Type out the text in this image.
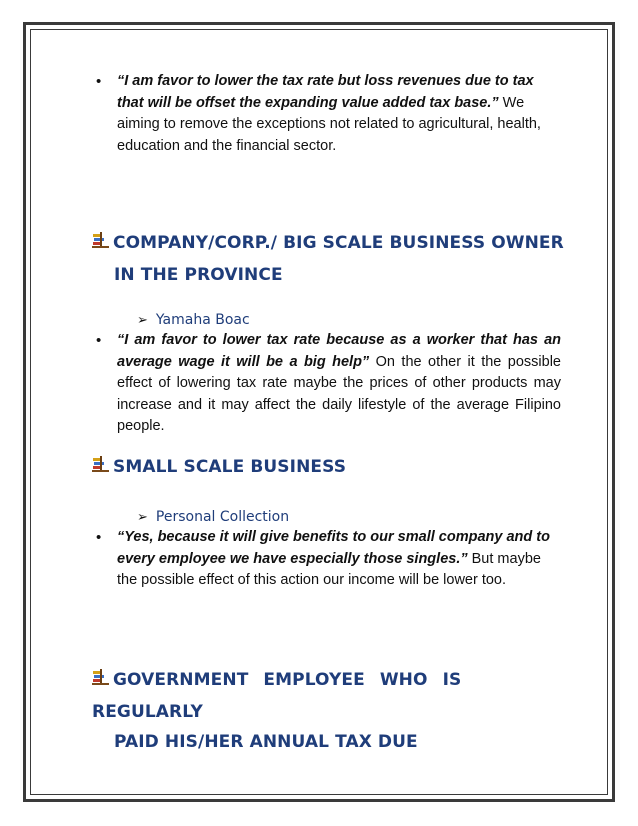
• “I am favor to lower the tax rate but loss revenues due to tax that will be offset the expanding value added tax base.” We aiming to remove the exceptions not related to agricultural, health, education and the financial sector.
COMPANY/CORP./ BIG SCALE BUSINESS OWNER
IN THE PROVINCE
➢ Yamaha Boac
• “I am favor to lower tax rate because as a worker that has an average wage it will be a big help” On the other it the possible effect of lowering tax rate maybe the prices of other products may increase and it may affect the daily lifestyle of the average Filipino people.
SMALL SCALE BUSINESS
➢ Personal Collection
• “Yes, because it will give benefits to our small company and to every employee we have especially those singles.” But maybe the possible effect of this action our income will be lower too.
GOVERNMENT EMPLOYEE WHO IS REGULARLY
PAID HIS/HER ANNUAL TAX DUE
